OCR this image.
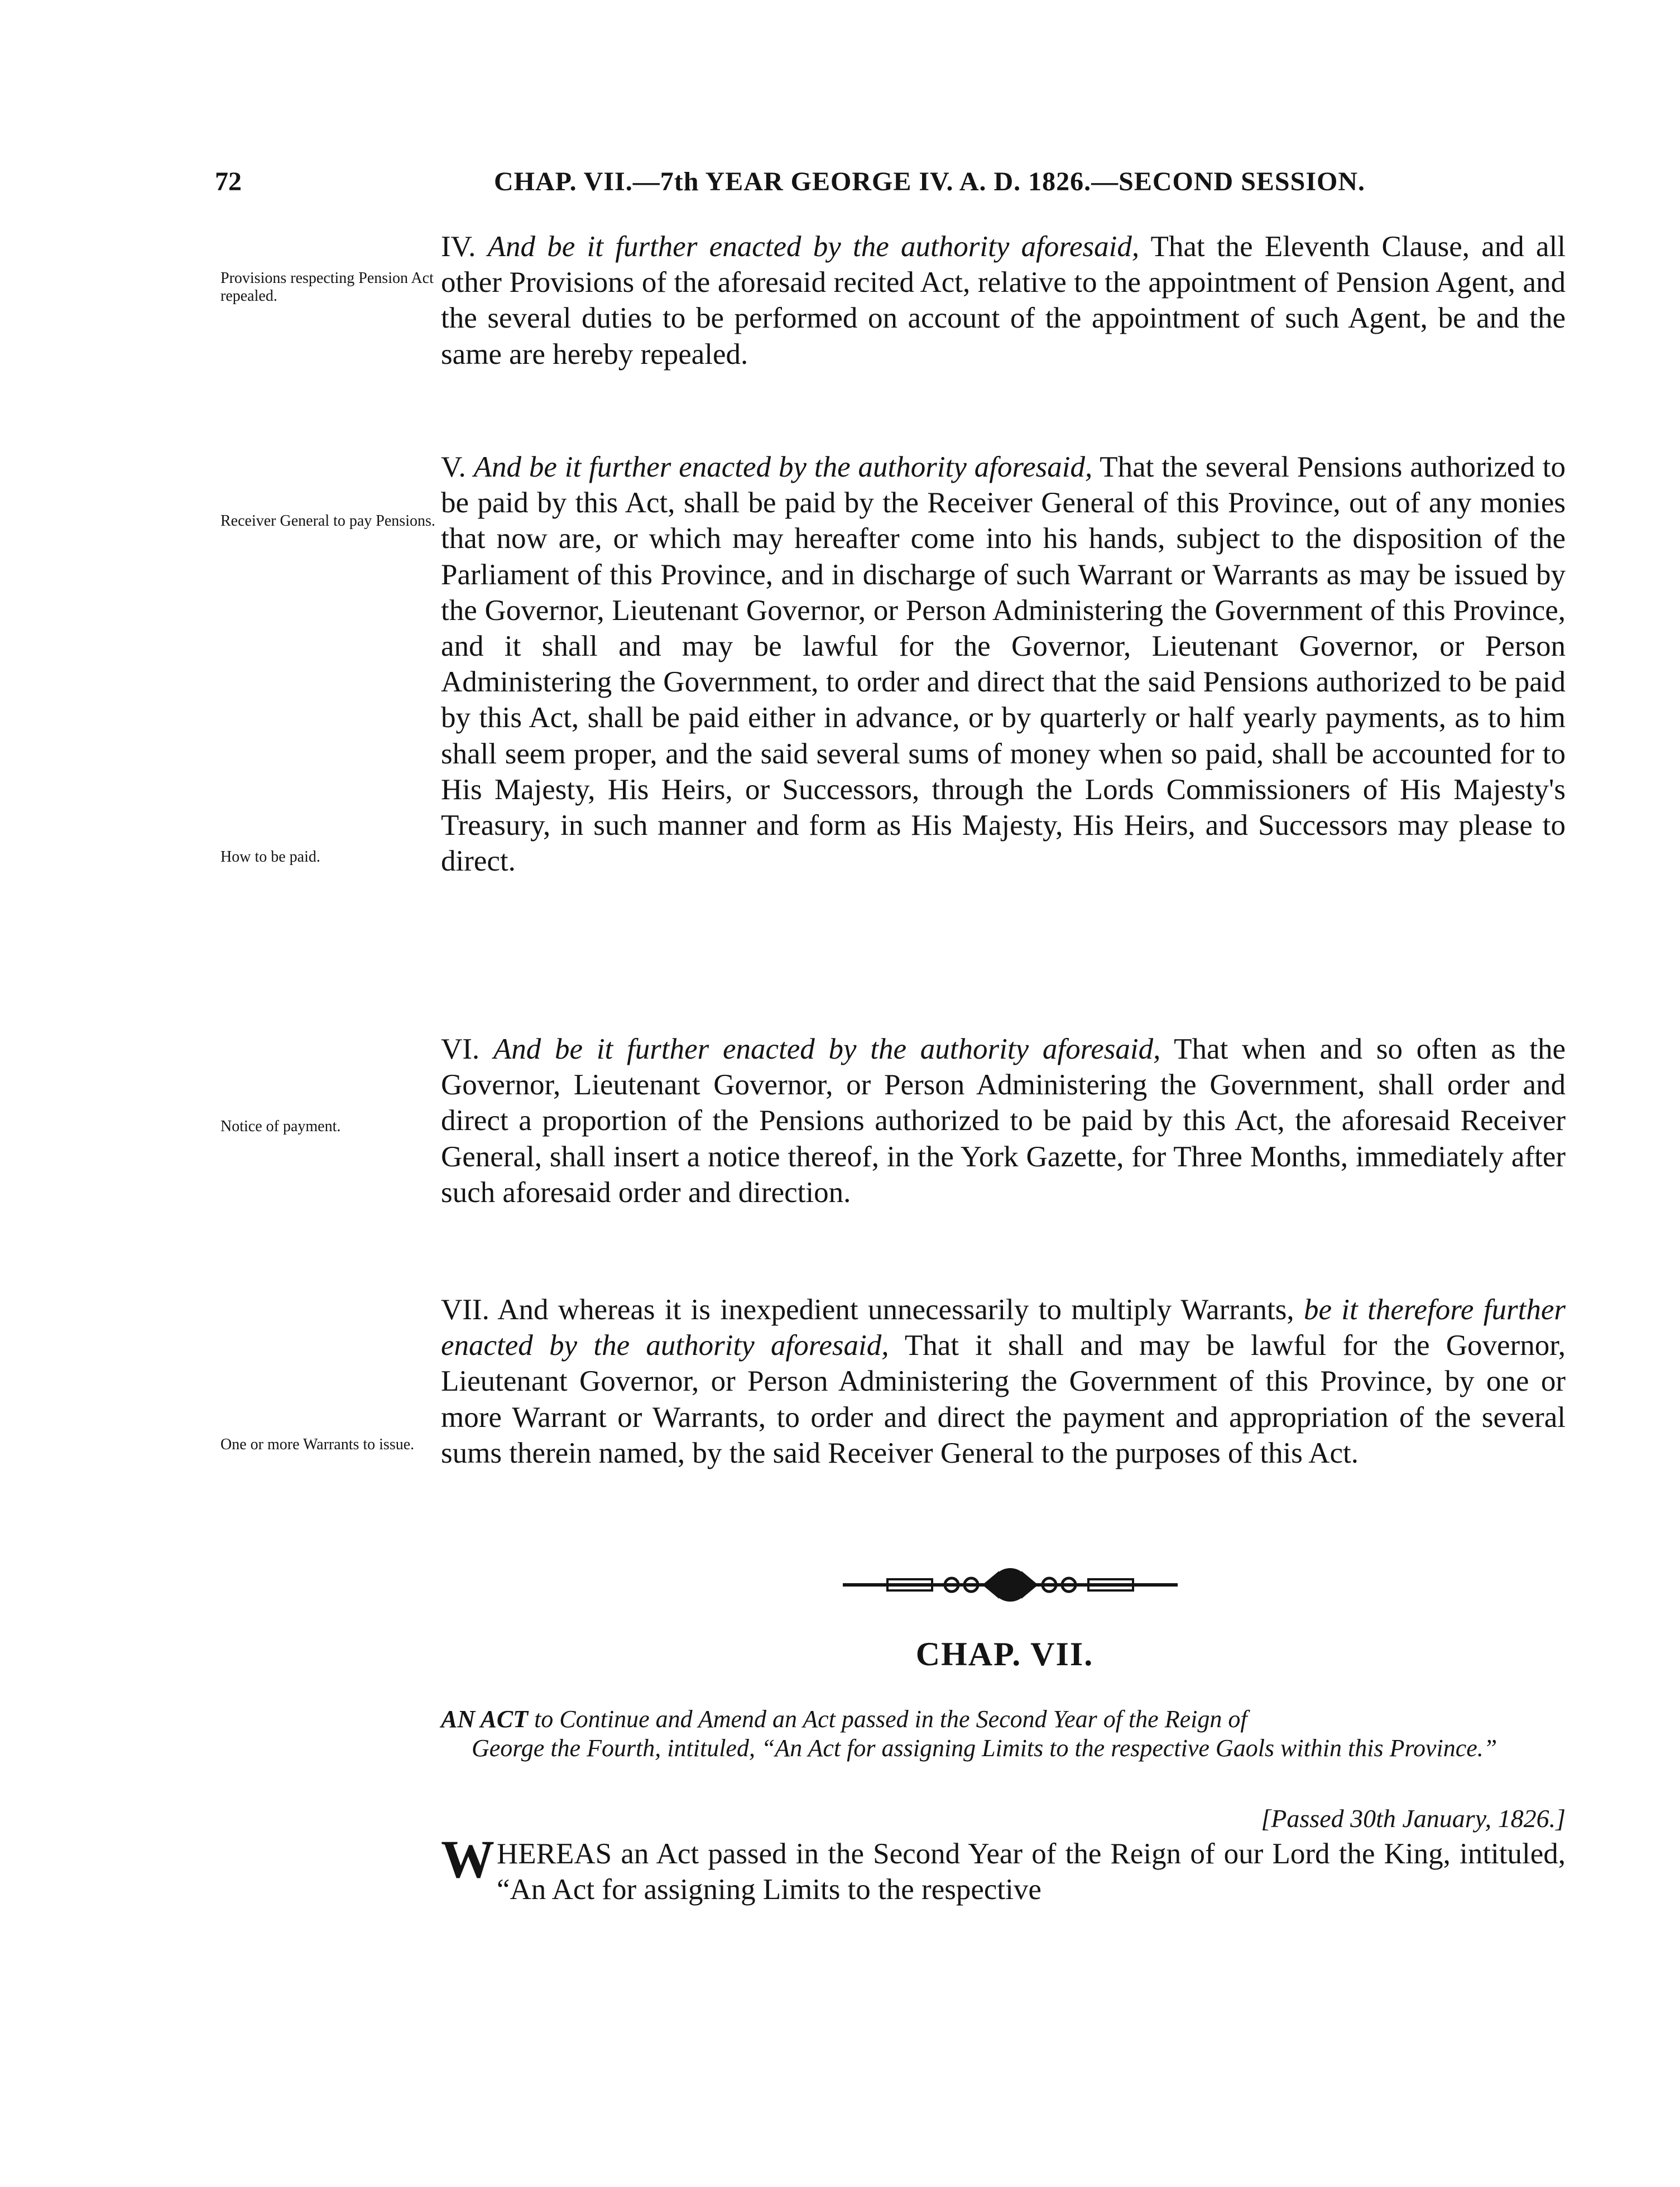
72	CHAP. VII.—7th YEAR GEORGE IV. A. D. 1826.—SECOND SESSION.
Provisions respecting Pension Act repealed.
IV. And be it further enacted by the authority aforesaid, That the Eleventh Clause, and all other Provisions of the aforesaid recited Act, relative to the appointment of Pension Agent, and the several duties to be performed on account of the appointment of such Agent, be and the same are hereby repealed.
Receiver General to pay Pensions.
How to be paid.
V. And be it further enacted by the authority aforesaid, That the several Pensions authorized to be paid by this Act, shall be paid by the Receiver General of this Province, out of any monies that now are, or which may hereafter come into his hands, subject to the disposition of the Parliament of this Province, and in discharge of such Warrant or Warrants as may be issued by the Governor, Lieutenant Governor, or Person Administering the Government of this Province, and it shall and may be lawful for the Governor, Lieutenant Governor, or Person Administering the Government, to order and direct that the said Pensions authorized to be paid by this Act, shall be paid either in advance, or by quarterly or half yearly payments, as to him shall seem proper, and the said several sums of money when so paid, shall be accounted for to His Majesty, His Heirs, or Successors, through the Lords Commissioners of His Majesty's Treasury, in such manner and form as His Majesty, His Heirs, and Successors may please to direct.
Notice of payment.
VI. And be it further enacted by the authority aforesaid, That when and so often as the Governor, Lieutenant Governor, or Person Administering the Government, shall order and direct a proportion of the Pensions authorized to be paid by this Act, the aforesaid Receiver General, shall insert a notice thereof, in the York Gazette, for Three Months, immediately after such aforesaid order and direction.
One or more Warrants to issue.
VII. And whereas it is inexpedient unnecessarily to multiply Warrants, be it therefore further enacted by the authority aforesaid, That it shall and may be lawful for the Governor, Lieutenant Governor, or Person Administering the Government of this Province, by one or more Warrant or Warrants, to order and direct the payment and appropriation of the several sums therein named, by the said Receiver General to the purposes of this Act.
CHAP. VII.
AN ACT to Continue and Amend an Act passed in the Second Year of the Reign of
George the Fourth, intituled, “An Act for assigning Limits to the respective Gaols within this Province.”
[Passed 30th January, 1826.]
W HEREAS an Act passed in the Second Year of the Reign of our Lord the King, intituled, “An Act for assigning Limits to the respective
